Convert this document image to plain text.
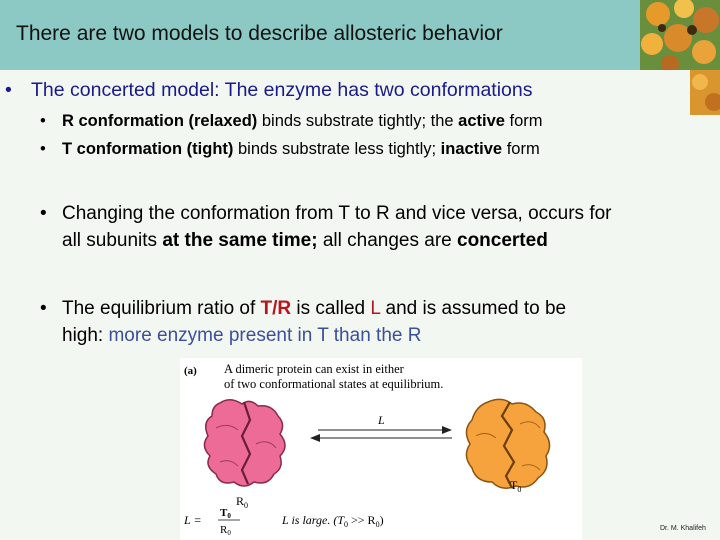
There are two models to describe allosteric behavior
• The concerted model: The enzyme has two conformations
• R conformation (relaxed) binds substrate tightly; the active form
• T conformation (tight) binds substrate less tightly; inactive form
• Changing the conformation from T to R and vice versa, occurs for
all subunits at the same time; all changes are concerted
• The equilibrium ratio of T/R is called L and is assumed to be
high: more enzyme present in T than the R
(a) A dimeric protein can exist in either
of two conformational states at equilibrium.
$R_0$
L
$T_0$
L = T0
R0
L is large. $(T_0 >> R_0)$
Dr. M. Khalifeh
